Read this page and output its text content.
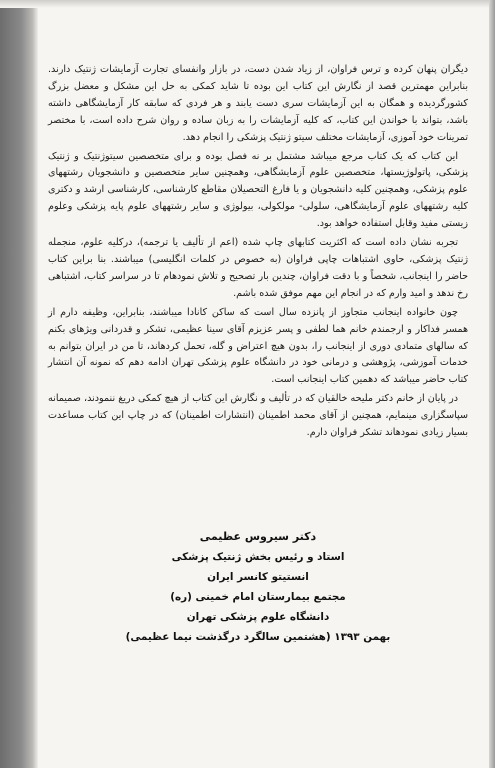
دیگران پنهان کرده و ترس فراوان، از زیاد شدن دست، در بازار وانفسای تجارت آزمایشات ژنتیک دارند. بنابراین مهمترین قصد از نگارش این کتاب این بوده تا شاید کمکی به حل این مشکل و معضل بزرگ کشورگردیده و همگان به این آزمایشات سری دست یابند و هر فردی که سابقه کار آزمایشگاهی داشته باشد، بتواند با خواندن این کتاب، که کلیه آزمایشات را به زبان ساده و روان شرح داده است، با مختصر تمرینات خود آموزی، آزمایشات مختلف سیتو ژنتیک پزشکی را انجام دهد.

این کتاب که یک کتاب مرجع میباشد مشتمل بر نه فصل بوده و برای متخصصین سیتوژنتیک و ژنتیک پزشکی، پاتولوژیستها، متخصصین علوم آزمایشگاهی، وهمچنین سایر متخصصین و دانشجویان رشتههای علوم پزشکی، وهمچنین کلیه دانشجویان و یا فارغ التحصیلان مقاطع کارشناسی، کارشناسی ارشد و دکتری کلیه رشتههای علوم آزمایشگاهی، سلولی- مولکولی، بیولوژی و سایر رشتههای علوم پایه پزشکی وعلوم زیستی مفید وقابل استفاده خواهد بود.

تجربه نشان داده است که اکثریت کتابهای چاپ شده (اعم از تألیف یا ترجمه)، درکلیه علوم، منجمله ژنتیک پزشکی، حاوی اشتباهات چاپی فراوان (به خصوص در کلمات انگلیسی) میباشند. بنا براین کتاب حاضر را اینجانب، شخصاً و با دقت فراوان، چندین بار تصحیح و تلاش نمودهام تا در سراسر کتاب، اشتباهی رخ ندهد و امید وارم که در انجام این مهم موفق شده باشم.

چون خانواده اینجانب متجاوز از پانزده سال است که ساکن کانادا میباشند، بنابراین، وظیفه دارم از همسر فداکار و ارجمندم خانم هما لطفی و پسر عزیزم آقای سینا عظیمی، تشکر و قدردانی ویژهای بکنم که سالهای متمادی دوری از اینجانب را، بدون هیچ اعتراض و گله، تحمل کردهاند، تا من در ایران بتوانم به خدمات آموزشی، پژوهشی و درمانی خود در دانشگاه علوم پزشکی تهران ادامه دهم که نمونه آن انتشار کتاب حاضر میباشد که دهمین کتاب اینجانب است.

در پایان از خانم دکتر ملیحه خالقیان که در تألیف و نگارش این کتاب از هیچ کمکی دریغ ننمودند، صمیمانه سپاسگزاری مینمایم، همچنین از آقای محمد اطمینان (انتشارات اطمینان) که در چاپ این کتاب مساعدت بسیار زیادی نمودهاند تشکر فراوان دارم.

دکتر سیروس عظیمی
استاد و رئیس بخش ژنتیک پزشکی
انستیتو کانسر ایران
مجتمع بیمارستان امام خمینی (ره)
دانشگاه علوم پزشکی تهران
بهمن ۱۳۹۳ (هشتمین سالگرد درگذشت نیما عظیمی)
